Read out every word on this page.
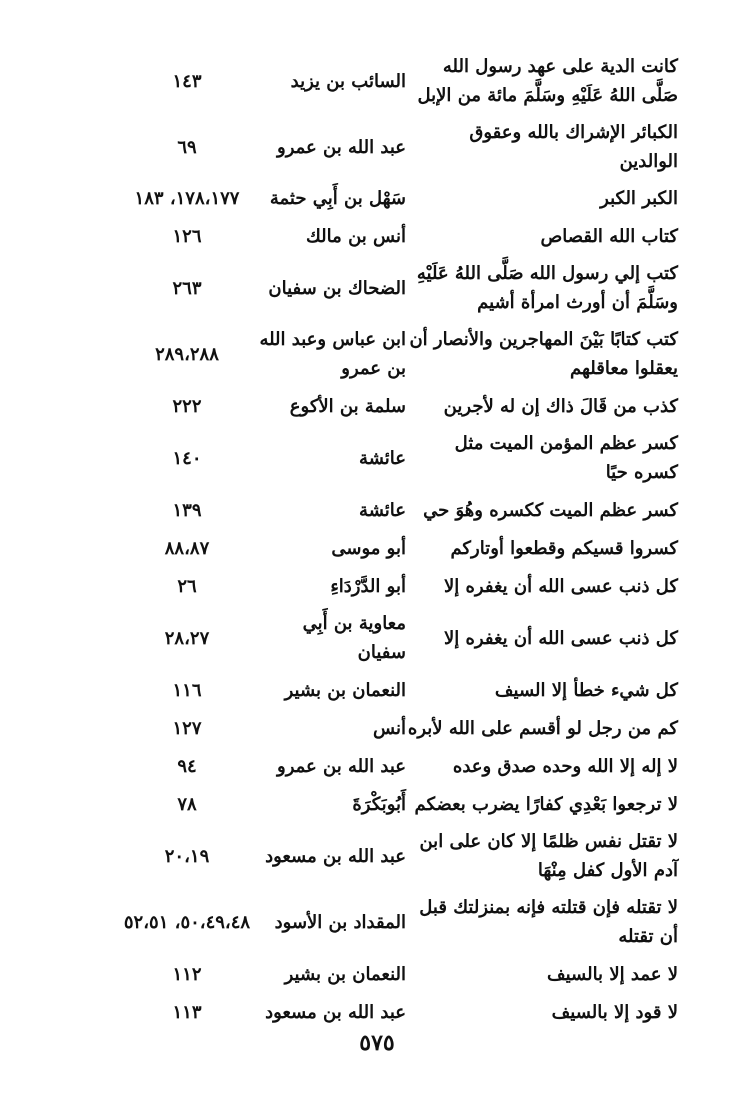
كانت الدية على عهد رسول الله صَلَّى اللهُ عَلَيْهِ وسَلَّمَ مائة من الإبل	السائب بن يزيد	١٤٣
الكبائر الإشراك بالله وعقوق الوالدين	عبد الله بن عمرو	٦٩
الكبر الكبر	سَهْل بن أَبِي حثمة	١٧٨،١٧٧، ١٨٣
كتاب الله القصاص	أنس بن مالك	١٢٦
كتب إلي رسول الله صَلَّى اللهُ عَلَيْهِ وسَلَّمَ أن أورث امرأة أشيم	الضحاك بن سفيان	٢٦٣
كتب كتابًا بَيْنَ المهاجرين والأنصار أن يعقلوا معاقلهم	ابن عباس وعبد الله بن عمرو	٢٨٩،٢٨٨
كذب من قَالَ ذاك إن له لأجرين	سلمة بن الأكوع	٢٢٢
كسر عظم المؤمن الميت مثل كسره حيًا	عائشة	١٤٠
كسر عظم الميت ككسره وهُوَ حي	عائشة	١٣٩
كسروا قسيكم وقطعوا أوتاركم	أبو موسى	٨٨،٨٧
كل ذنب عسى الله أن يغفره إلا	أبو الدَّرْدَاءِ	٢٦
كل ذنب عسى الله أن يغفره إلا	معاوية بن أَبِي سفيان	٢٨،٢٧
كل شيء خطأ إلا السيف	النعمان بن بشير	١١٦
كم من رجل لو أقسم على الله لأبره	أنس	١٢٧
لا إله إلا الله وحده صدق وعده	عبد الله بن عمرو	٩٤
لا ترجعوا بَعْدِي كفارًا يضرب بعضكم	أَبُوبَكْرَةَ	٧٨
لا تقتل نفس ظلمًا إلا كان على ابن آدم الأول كفل مِنْهَا	عبد الله بن مسعود	٢٠،١٩
لا تقتله فإن قتلته فإنه بمنزلتك قبل أن تقتله	المقداد بن الأسود	٥٠،٤٩،٤٨، ٥٢،٥١
لا عمد إلا بالسيف	النعمان بن بشير	١١٢
لا قود إلا بالسيف	عبد الله بن مسعود	١١٣
٥٧٥
